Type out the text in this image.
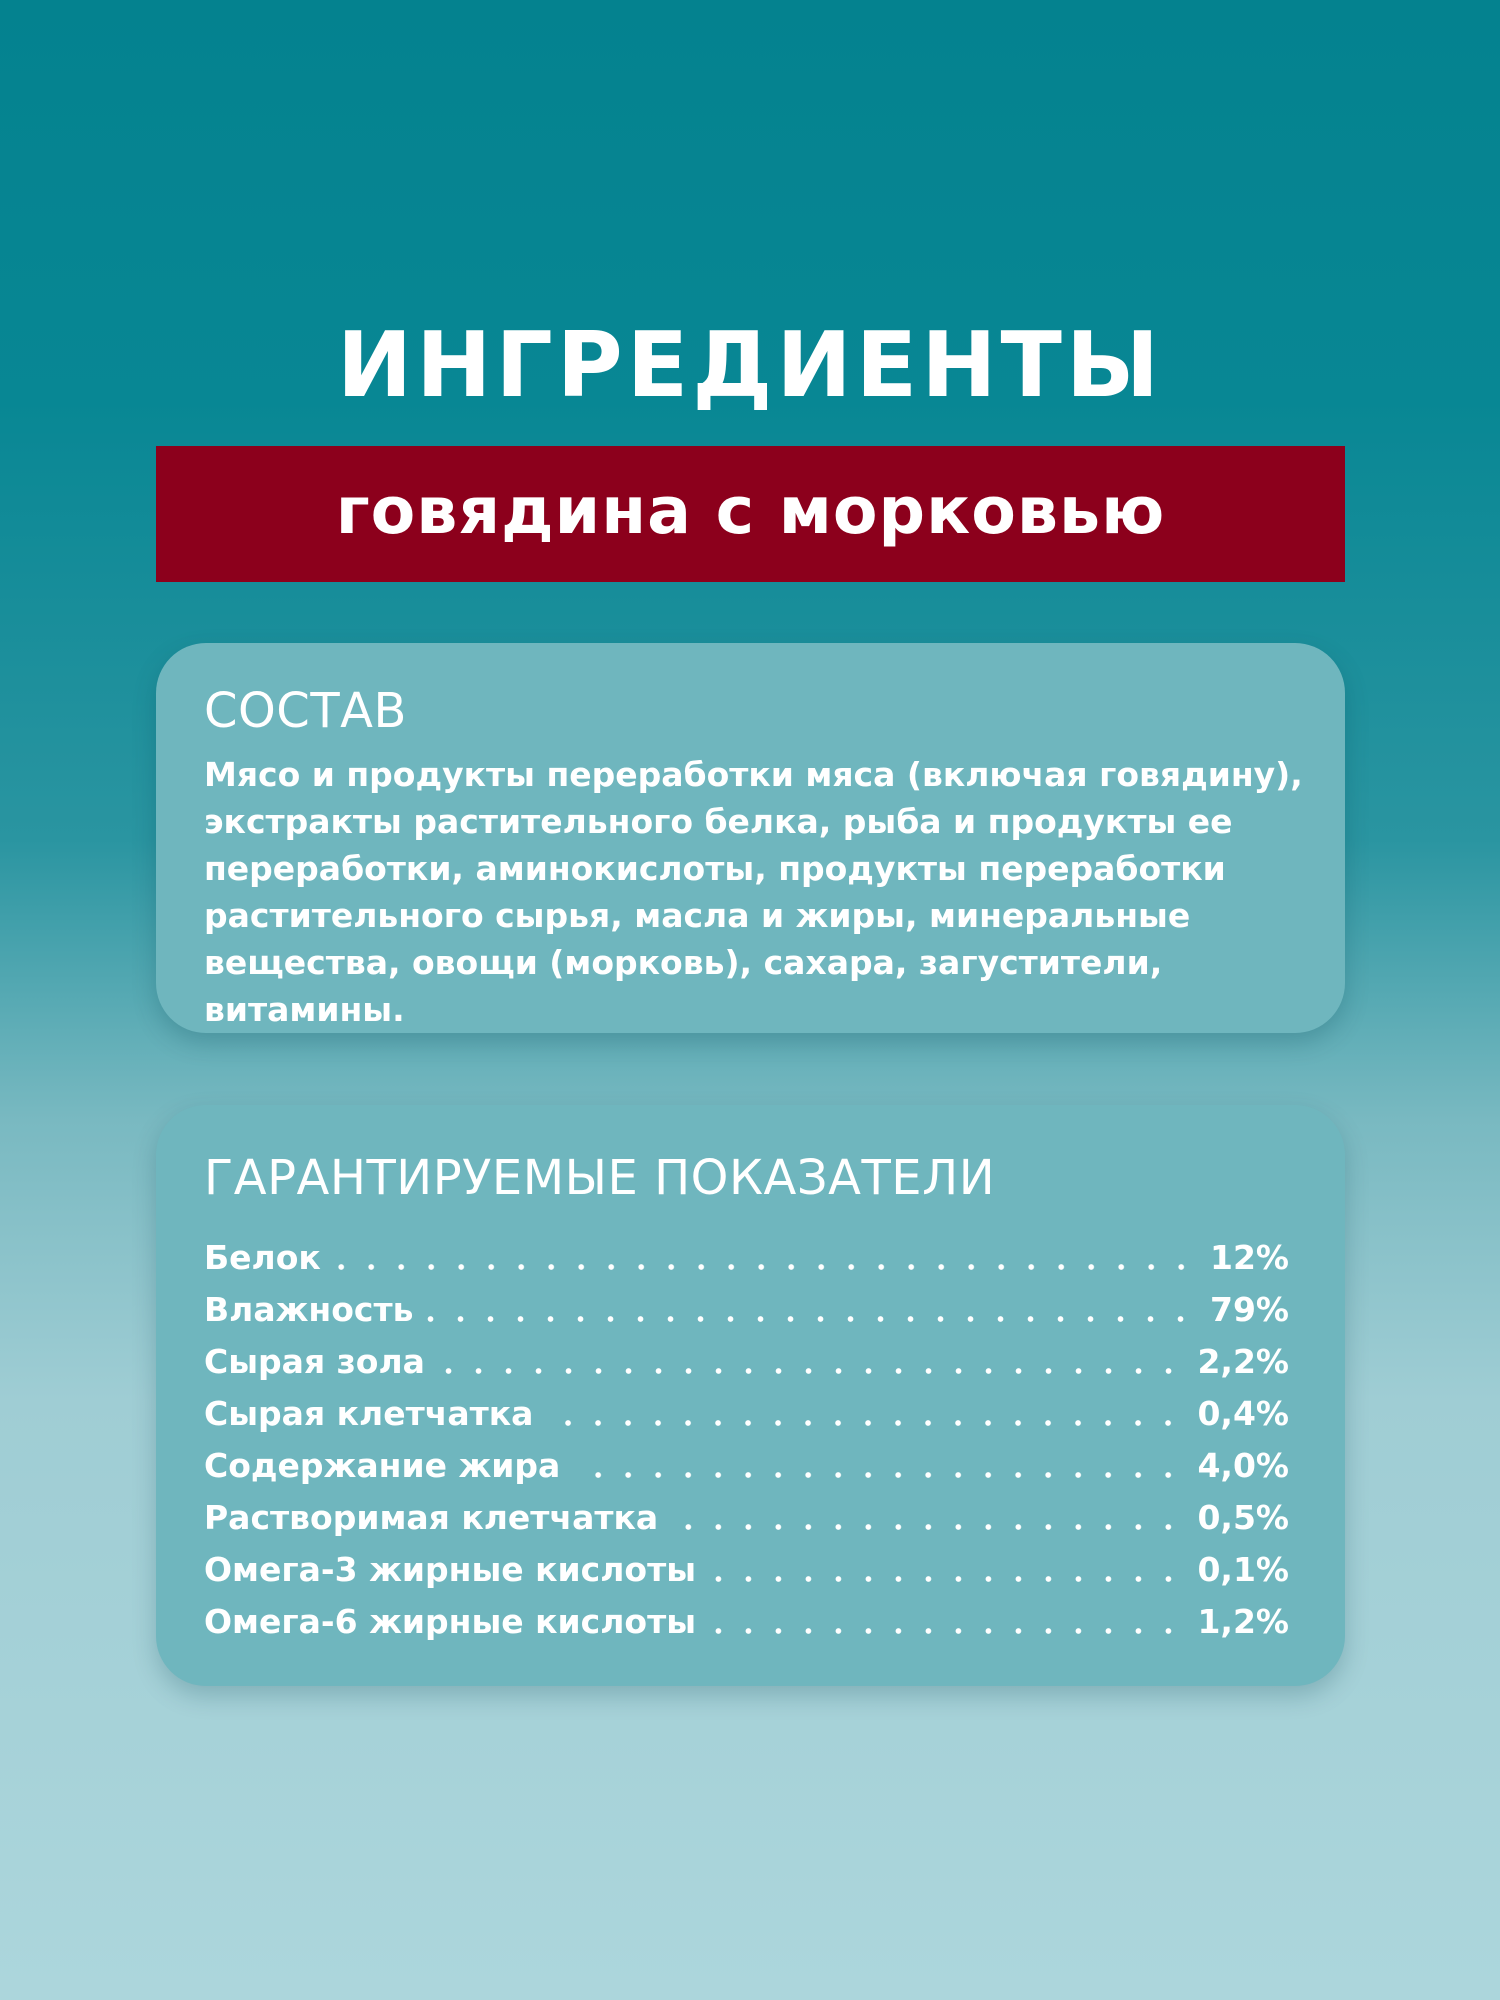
ИНГРЕДИЕНТЫ
говядина с морковью
СОСТАВ
Мясо и продукты переработки мяса (включая говядину),
экстракты растительного белка, рыба и продукты ее
переработки, аминокислоты, продукты переработки
растительного сырья, масла и жиры, минеральные
вещества, овощи (морковь), сахара, загустители, витамины.
ГАРАНТИРУЕМЫЕ ПОКАЗАТЕЛИ
Белок	12%
Влажность	79%
Сырая зола	2,2%
Сырая клетчатка	0,4%
Содержание жира	4,0%
Растворимая клетчатка	0,5%
Омега-3 жирные кислоты	0,1%
Омега-6 жирные кислоты	1,2%
